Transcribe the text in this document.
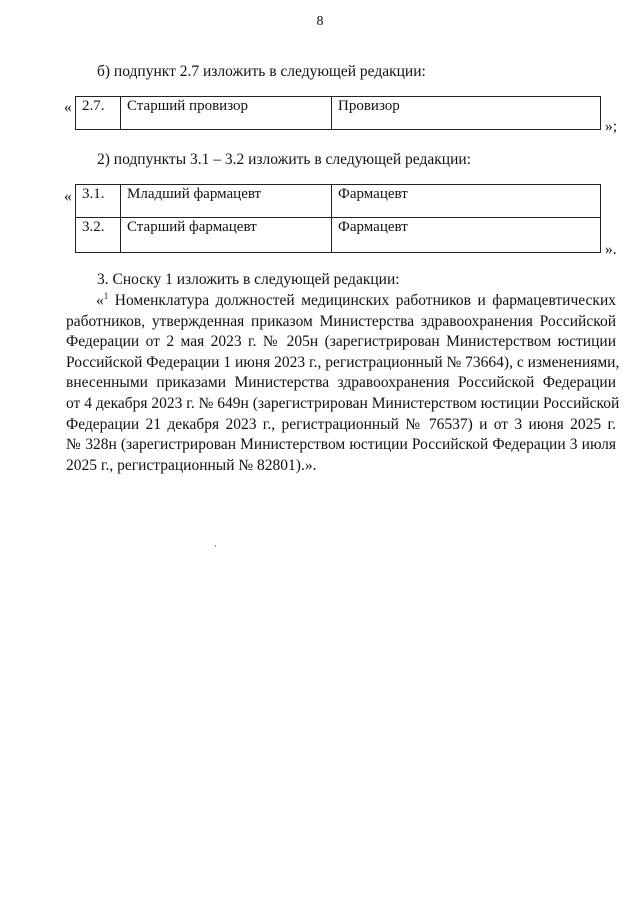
8
б) подпункт 2.7 изложить в следующей редакции:
« 2.7.	Старший провизор	Провизор
»;
2) подпункты 3.1 – 3.2 изложить в следующей редакции:
« 3.1.	Младший фармацевт	Фармацевт
3.2.	Старший фармацевт	Фармацевт
».
3. Сноску 1 изложить в следующей редакции:
«$^1$ Номенклатура должностей медицинских работников и фармацевтических
работников, утвержденная приказом Министерства здравоохранения Российской
Федерации от 2 мая 2023 г. № 205н (зарегистрирован Министерством юстиции
Российской Федерации 1 июня 2023 г., регистрационный № 73664), с изменениями,
внесенными приказами Министерства здравоохранения Российской Федерации
от 4 декабря 2023 г. № 649н (зарегистрирован Министерством юстиции Российской
Федерации 21 декабря 2023 г., регистрационный № 76537) и от 3 июня 2025 г.
№ 328н (зарегистрирован Министерством юстиции Российской Федерации 3 июля
2025 г., регистрационный № 82801).».
